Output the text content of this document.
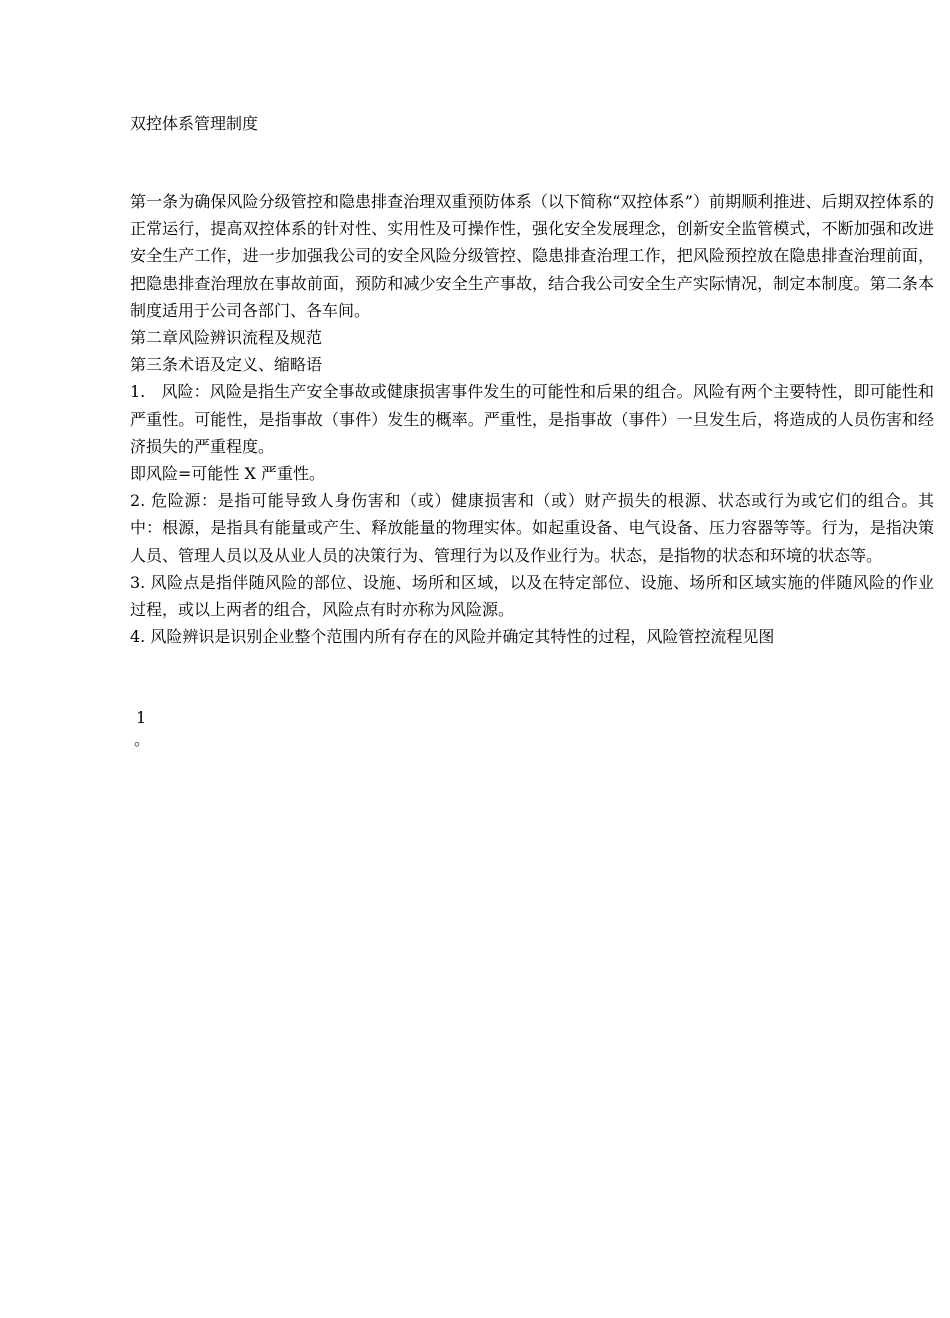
双控体系管理制度

第一条为确保风险分级管控和隐患排查治理双重预防体系（以下简称“双控体系”）前期顺利推进、后期双控体系的正常运行，提高双控体系的针对性、实用性及可操作性，强化安全发展理念，创新安全监管模式，不断加强和改进安全生产工作，进一步加强我公司的安全风险分级管控、隐患排查治理工作，把风险预控放在隐患排查治理前面，把隐患排查治理放在事故前面，预防和减少安全生产事故，结合我公司安全生产实际情况，制定本制度。第二条本制度适用于公司各部门、各车间。

第二章风险辨识流程及规范

第三条术语及定义、缩略语

1.　风险：风险是指生产安全事故或健康损害事件发生的可能性和后果的组合。风险有两个主要特性，即可能性和严重性。可能性，是指事故（事件）发生的概率。严重性，是指事故（事件）一旦发生后，将造成的人员伤害和经济损失的严重程度。

即风险=可能性 X 严重性。

2. 危险源：是指可能导致人身伤害和（或）健康损害和（或）财产损失的根源、状态或行为或它们的组合。其中：根源，是指具有能量或产生、释放能量的物理实体。如起重设备、电气设备、压力容器等等。行为，是指决策人员、管理人员以及从业人员的决策行为、管理行为以及作业行为。状态，是指物的状态和环境的状态等。

3. 风险点是指伴随风险的部位、设施、场所和区域，以及在特定部位、设施、场所和区域实施的伴随风险的作业过程，或以上两者的组合，风险点有时亦称为风险源。

4. 风险辨识是识别企业整个范围内所有存在的风险并确定其特性的过程，风险管控流程见图

1
。
